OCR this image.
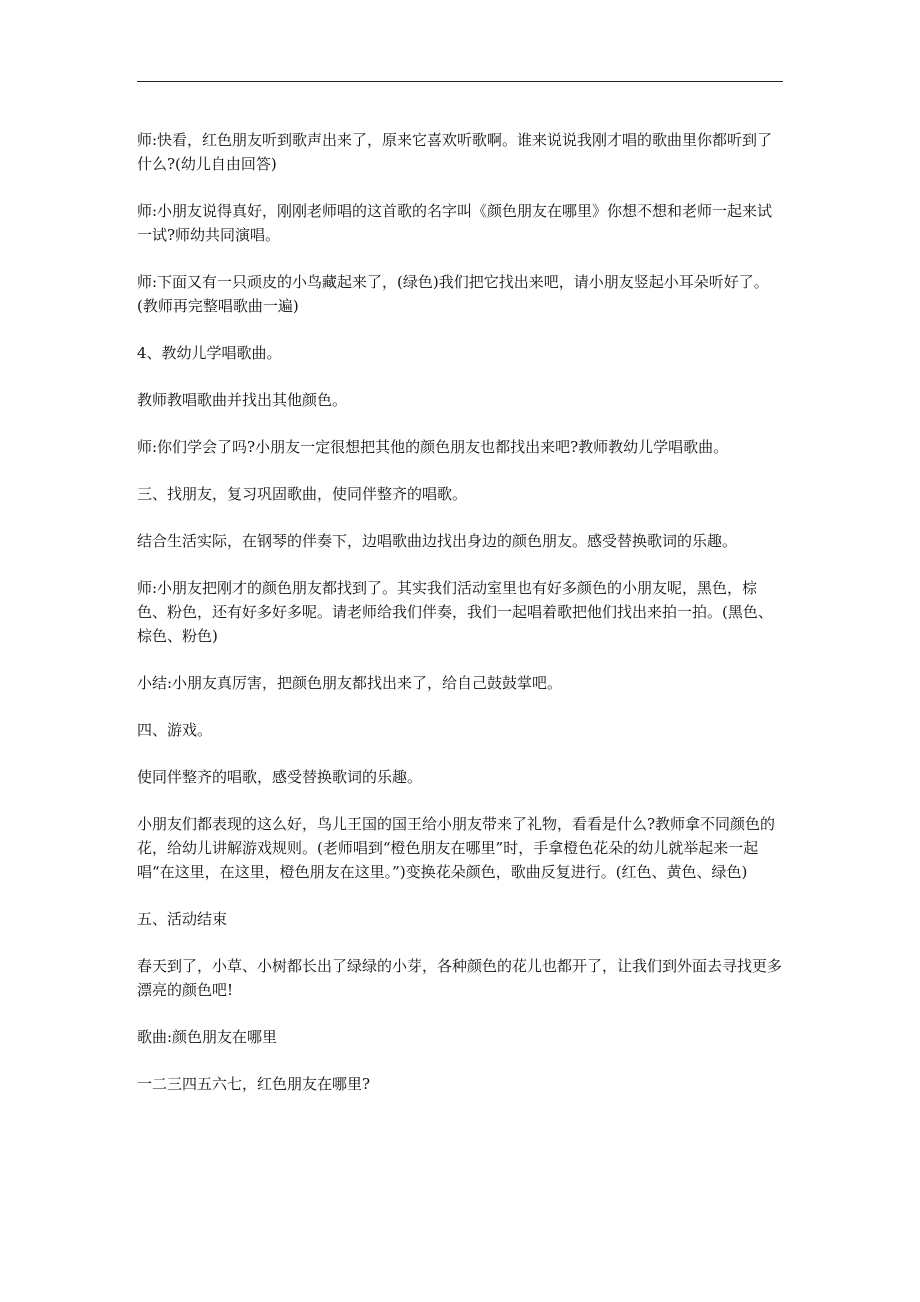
师:快看，红色朋友听到歌声出来了，原来它喜欢听歌啊。谁来说说我刚才唱的歌曲里你都听到了什么?(幼儿自由回答)

师:小朋友说得真好，刚刚老师唱的这首歌的名字叫《颜色朋友在哪里》你想不想和老师一起来试一试?师幼共同演唱。

师:下面又有一只顽皮的小鸟藏起来了，(绿色)我们把它找出来吧，请小朋友竖起小耳朵听好了。(教师再完整唱歌曲一遍)

4、教幼儿学唱歌曲。

教师教唱歌曲并找出其他颜色。

师:你们学会了吗?小朋友一定很想把其他的颜色朋友也都找出来吧?教师教幼儿学唱歌曲。

三、找朋友，复习巩固歌曲，使同伴整齐的唱歌。

结合生活实际，在钢琴的伴奏下，边唱歌曲边找出身边的颜色朋友。感受替换歌词的乐趣。

师:小朋友把刚才的颜色朋友都找到了。其实我们活动室里也有好多颜色的小朋友呢，黑色，棕色、粉色，还有好多好多呢。请老师给我们伴奏，我们一起唱着歌把他们找出来拍一拍。(黑色、棕色、粉色)

小结:小朋友真厉害，把颜色朋友都找出来了，给自己鼓鼓掌吧。

四、游戏。

使同伴整齐的唱歌，感受替换歌词的乐趣。

小朋友们都表现的这么好，鸟儿王国的国王给小朋友带来了礼物，看看是什么?教师拿不同颜色的花，给幼儿讲解游戏规则。(老师唱到“橙色朋友在哪里”时，手拿橙色花朵的幼儿就举起来一起唱“在这里，在这里，橙色朋友在这里。”)变换花朵颜色，歌曲反复进行。(红色、黄色、绿色)

五、活动结束

春天到了，小草、小树都长出了绿绿的小芽，各种颜色的花儿也都开了，让我们到外面去寻找更多漂亮的颜色吧!

歌曲:颜色朋友在哪里

一二三四五六七，红色朋友在哪里?
